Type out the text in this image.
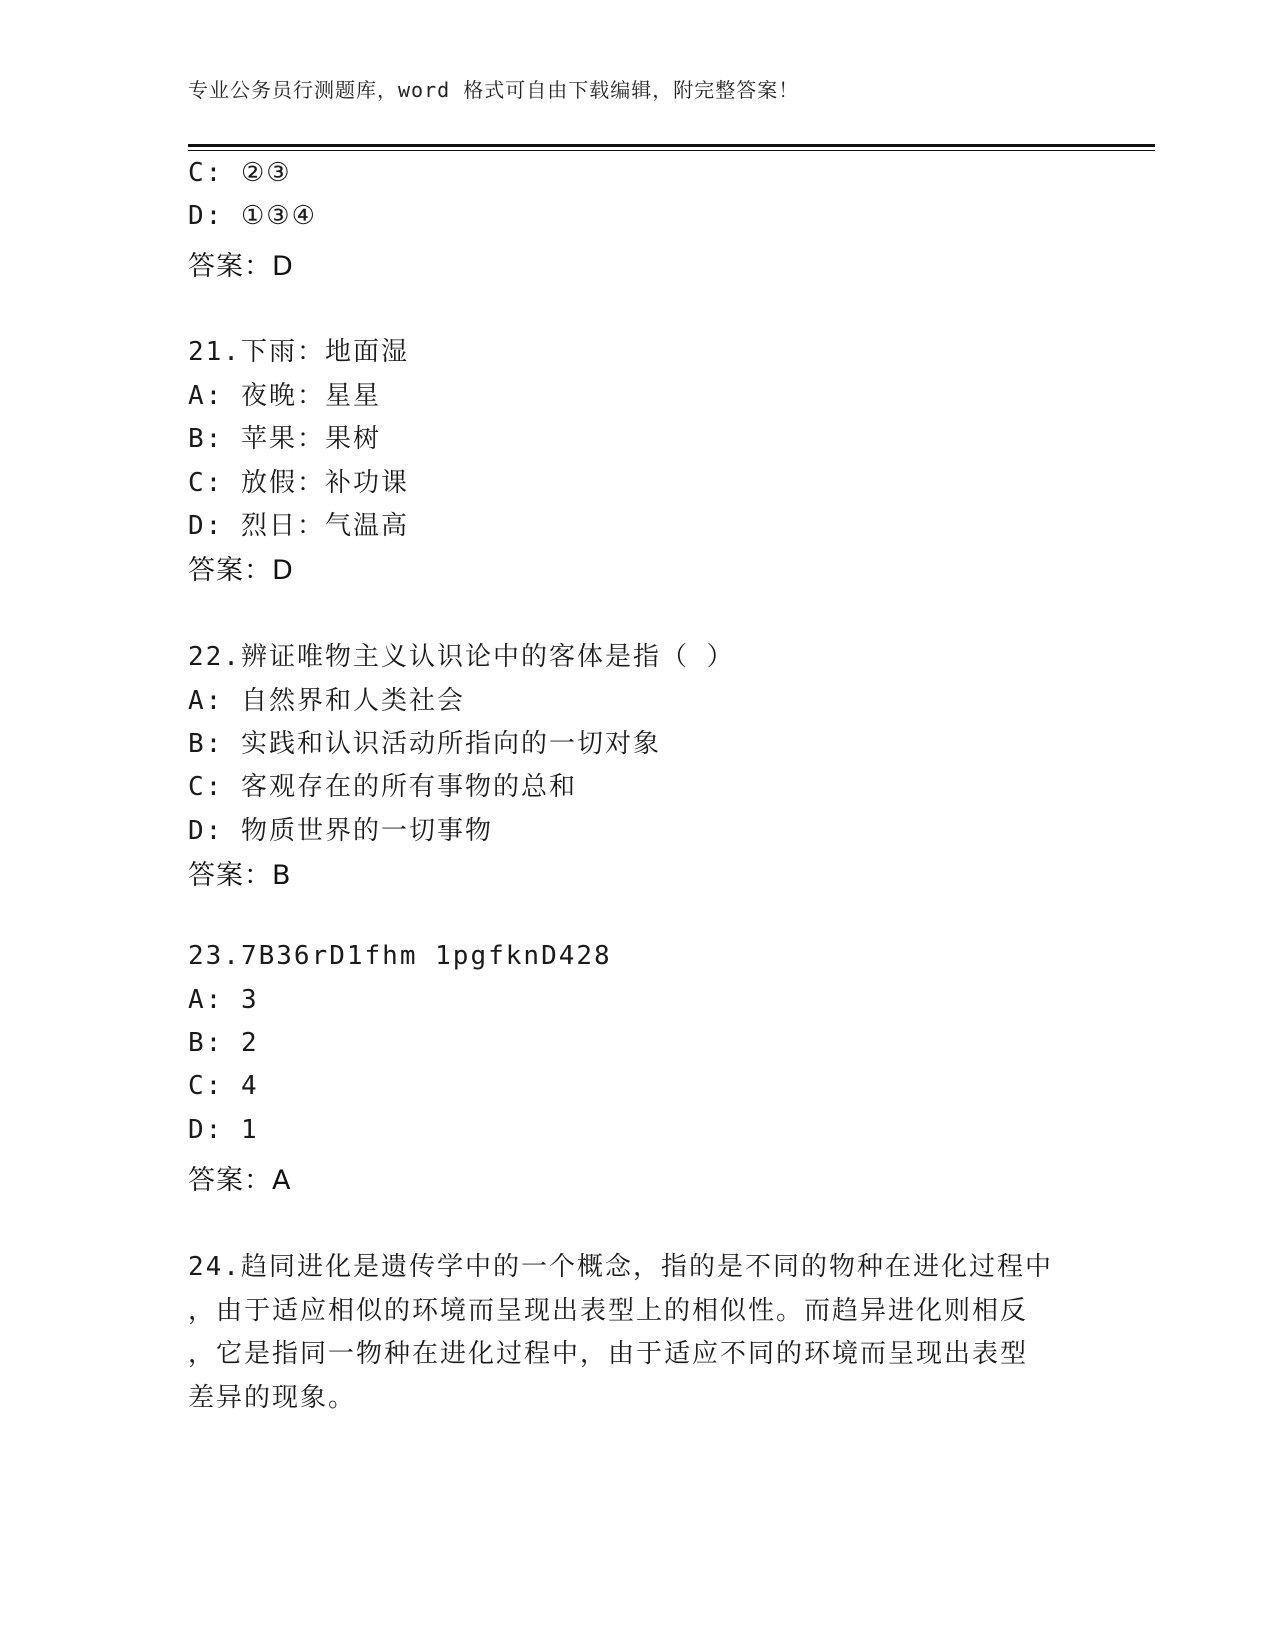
专业公务员行测题库，word 格式可自由下载编辑，附完整答案！
C: ②③
D: ①③④
答案：D
21.下雨：地面湿
A: 夜晚：星星
B: 苹果：果树
C: 放假：补功课
D: 烈日：气温高
答案：D
22.辨证唯物主义认识论中的客体是指（ ）
A: 自然界和人类社会
B: 实践和认识活动所指向的一切对象
C: 客观存在的所有事物的总和
D: 物质世界的一切事物
答案：B
23.7B36rD1fhm 1pgfknD428
A: 3
B: 2
C: 4
D: 1
答案：A
24.趋同进化是遗传学中的一个概念，指的是不同的物种在进化过程中
，由于适应相似的环境而呈现出表型上的相似性。而趋异进化则相反
，它是指同一物种在进化过程中，由于适应不同的环境而呈现出表型
差异的现象。
